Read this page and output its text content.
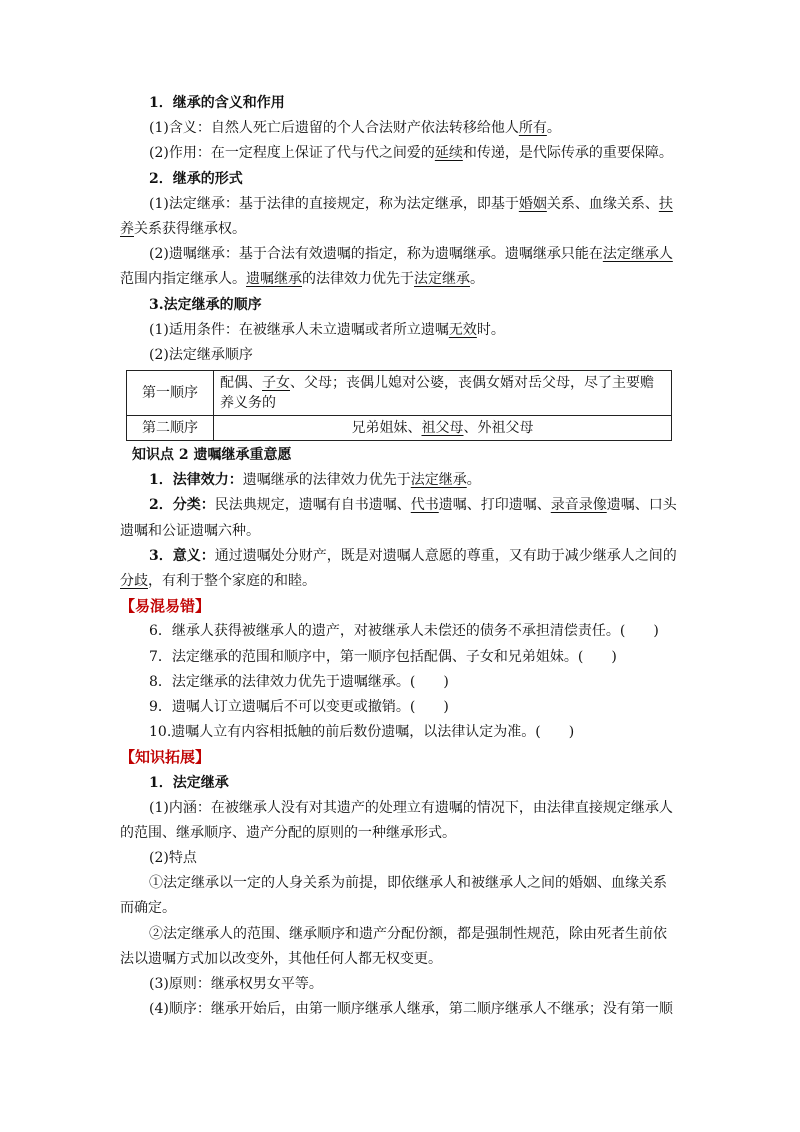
1．继承的含义和作用
(1)含义：自然人死亡后遗留的个人合法财产依法转移给他人所有。
(2)作用：在一定程度上保证了代与代之间爱的延续和传递，是代际传承的重要保障。
2．继承的形式
(1)法定继承：基于法律的直接规定，称为法定继承，即基于婚姻关系、血缘关系、扶
养关系获得继承权。
(2)遗嘱继承：基于合法有效遗嘱的指定，称为遗嘱继承。遗嘱继承只能在法定继承人
范围内指定继承人。遗嘱继承的法律效力优先于法定继承。
3.法定继承的顺序
(1)适用条件：在被继承人未立遗嘱或者所立遗嘱无效时。
(2)法定继承顺序
第一顺序	配偶、子女、父母；丧偶儿媳对公婆，丧偶女婿对岳父母，尽了主要赡
养义务的
第二顺序	兄弟姐妹、祖父母、外祖父母
知识点 2 遗嘱继承重意愿
1．法律效力：遗嘱继承的法律效力优先于法定继承。
2．分类：民法典规定，遗嘱有自书遗嘱、代书遗嘱、打印遗嘱、录音录像遗嘱、口头
遗嘱和公证遗嘱六种。
3．意义：通过遗嘱处分财产，既是对遗嘱人意愿的尊重，又有助于减少继承人之间的
分歧，有利于整个家庭的和睦。
【易混易错】
6．继承人获得被继承人的遗产，对被继承人未偿还的债务不承担清偿责任。(　　)
7．法定继承的范围和顺序中，第一顺序包括配偶、子女和兄弟姐妹。(　　)
8．法定继承的法律效力优先于遗嘱继承。(　　)
9．遗嘱人订立遗嘱后不可以变更或撤销。(　　)
10.遗嘱人立有内容相抵触的前后数份遗嘱，以法律认定为准。(　　)
【知识拓展】
1．法定继承
(1)内涵：在被继承人没有对其遗产的处理立有遗嘱的情况下，由法律直接规定继承人
的范围、继承顺序、遗产分配的原则的一种继承形式。
(2)特点
①法定继承以一定的人身关系为前提，即依继承人和被继承人之间的婚姻、血缘关系
而确定。
②法定继承人的范围、继承顺序和遗产分配份额，都是强制性规范，除由死者生前依
法以遗嘱方式加以改变外，其他任何人都无权变更。
(3)原则：继承权男女平等。
(4)顺序：继承开始后，由第一顺序继承人继承，第二顺序继承人不继承；没有第一顺
